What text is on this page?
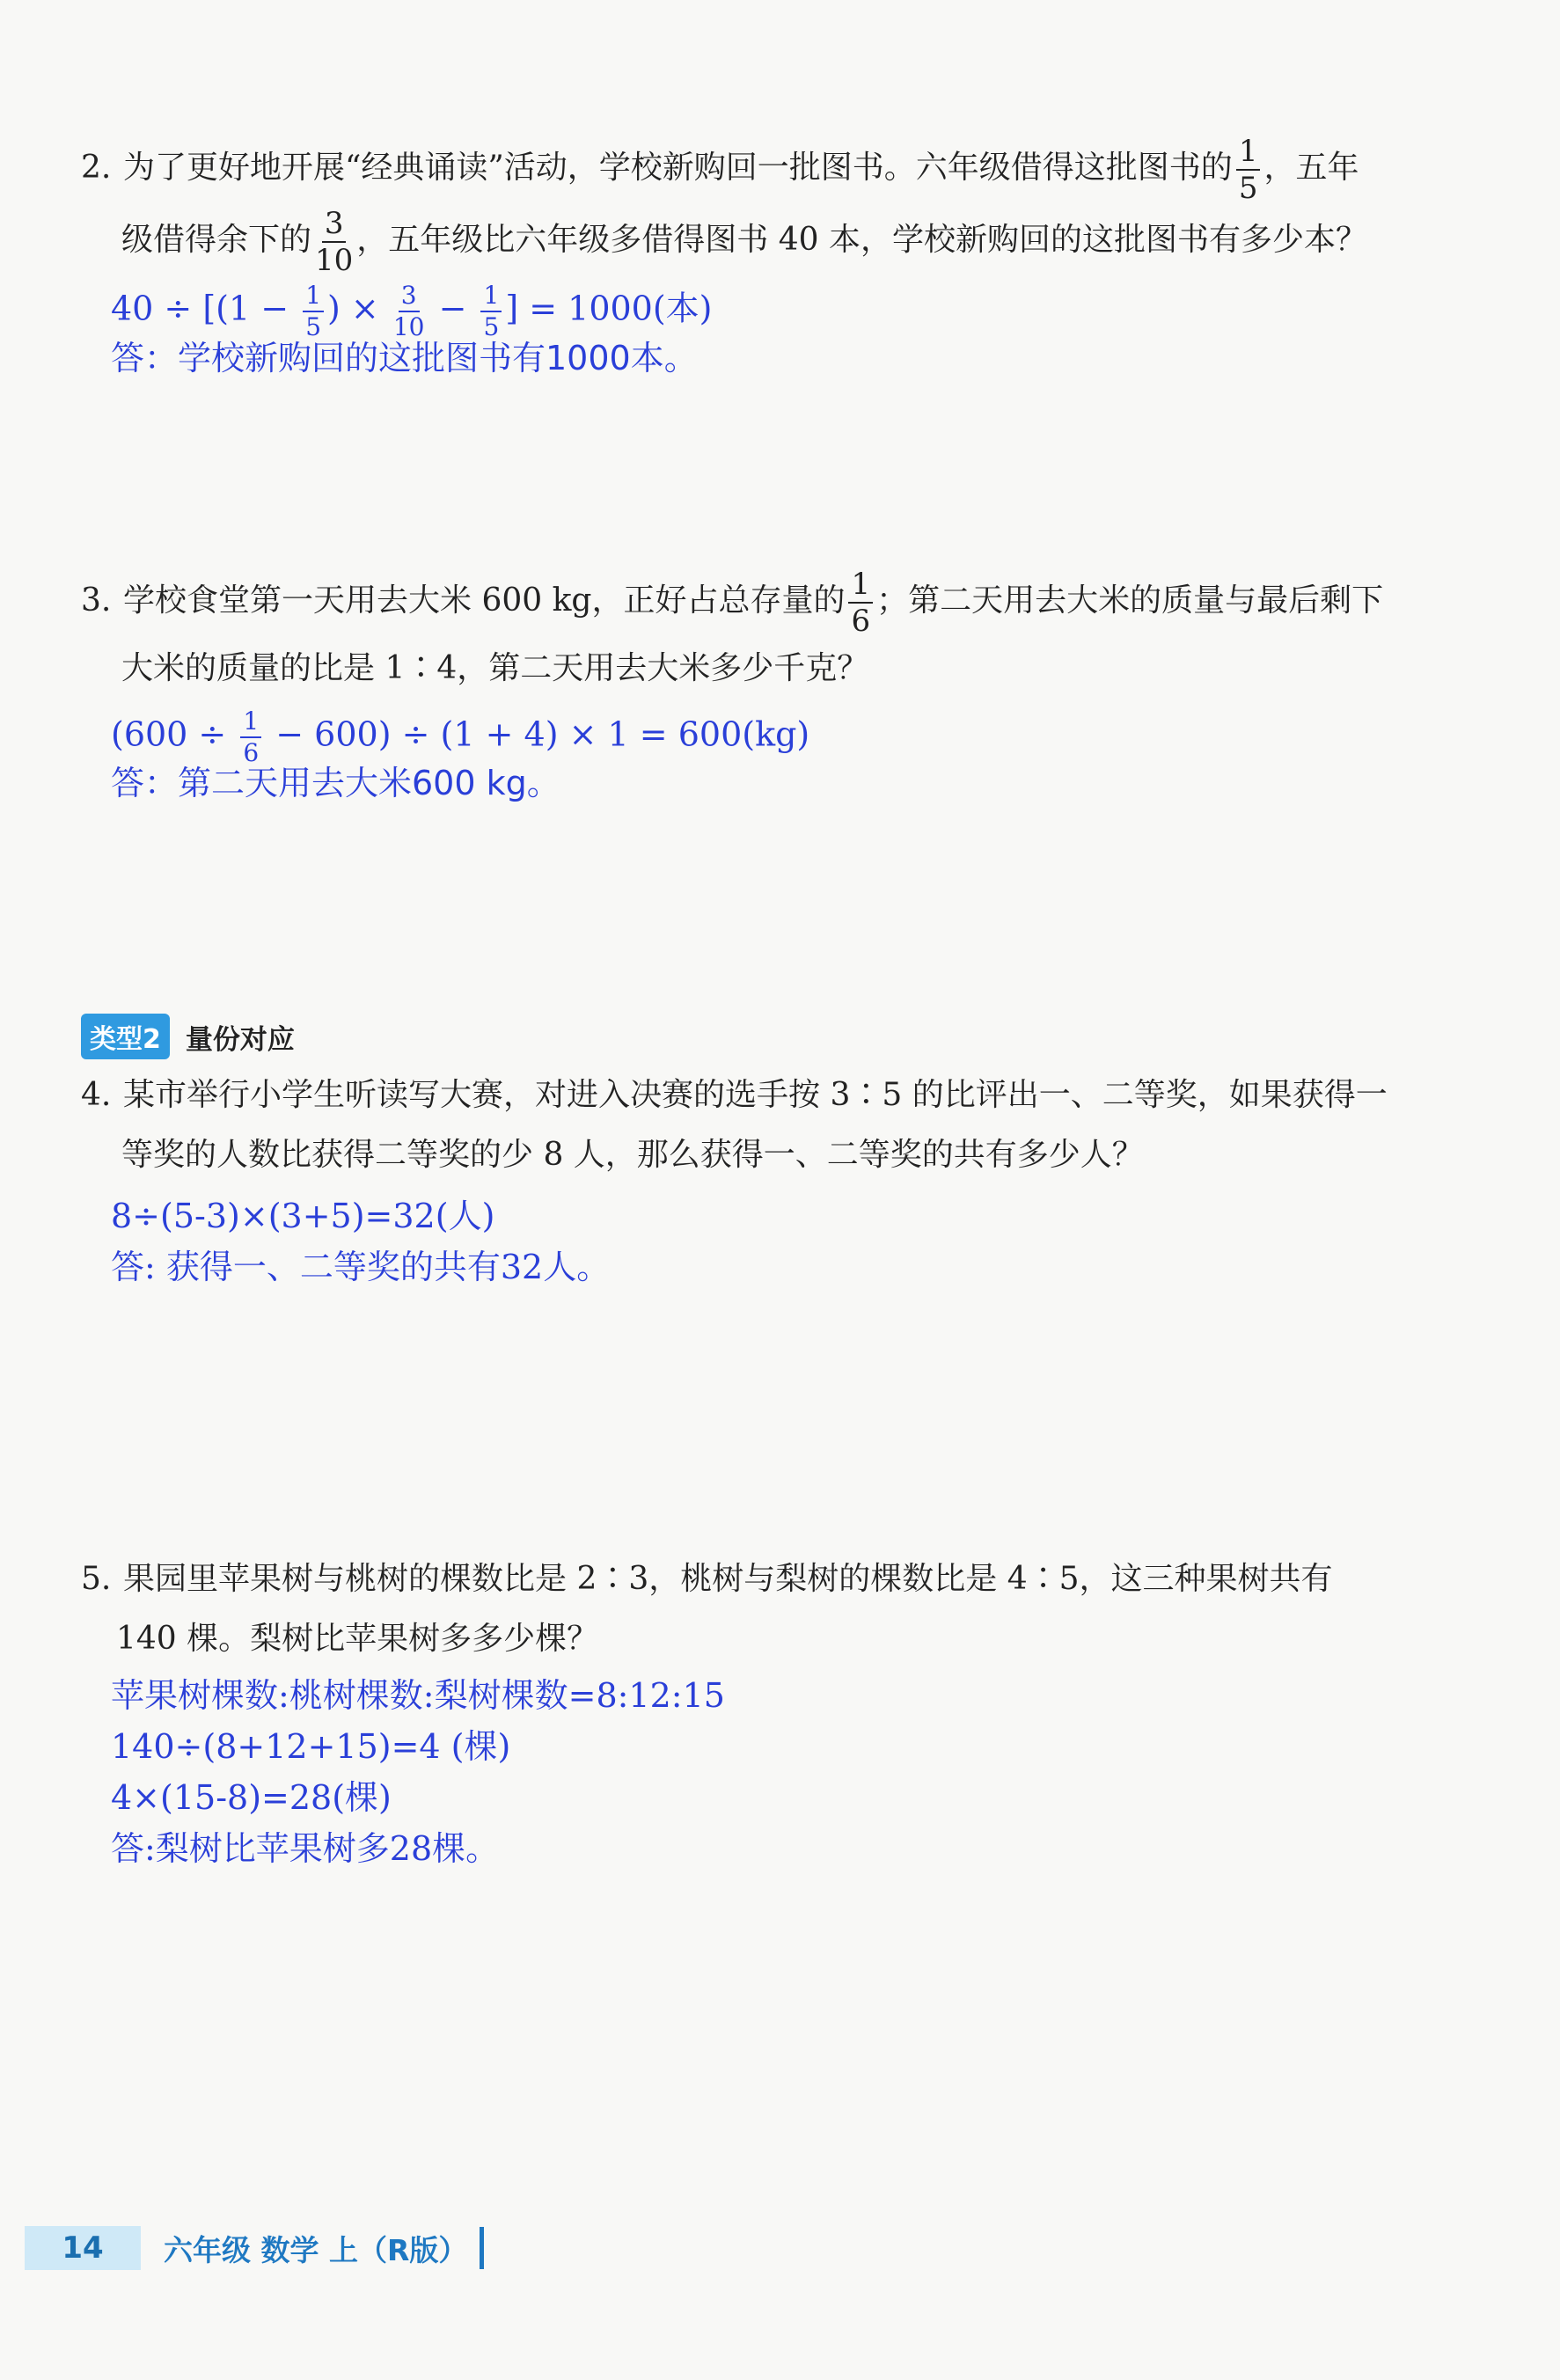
2. 为了更好地开展“经典诵读”活动，学校新购回一批图书。六年级借得这批图书的 $\frac{1}{5}$ ，五年
级借得余下的 $\frac{3}{10}$ ，五年级比六年级多借得图书 40 本，学校新购回的这批图书有多少本？
$40 \div [(1 - \frac{1}{5}$ ) × $\frac{3}{10} - \frac{1}{5}$ ] = 1000(本)
答：学校新购回的这批图书有1000本。
3. 学校食堂第一天用去大米 600 kg，正好占总存量的 $\frac{1}{6}$ ；第二天用去大米的质量与最后剩下
大米的质量的比是 1∶4，第二天用去大米多少千克？
$(600 \div \frac{1}{6} - 600) \div (1 + 4) \times 1 = 600(kg)$
答：第二天用去大米600 kg。
类型2 量份对应
4. 某市举行小学生听读写大赛，对进入决赛的选手按 3∶5 的比评出一、二等奖，如果获得一
等奖的人数比获得二等奖的少 8 人，那么获得一、二等奖的共有多少人？
8÷(5-3)×(3+5)=32(人)
答: 获得一、二等奖的共有32人。
5. 果园里苹果树与桃树的棵数比是 2∶3，桃树与梨树的棵数比是 4∶5，这三种果树共有
140 棵。梨树比苹果树多多少棵？
苹果树棵数:桃树棵数:梨树棵数=8:12:15
140÷(8+12+15)=4 (棵)
4×(15-8)=28(棵)
答:梨树比苹果树多28棵。
14	六年级 数学 上（R版）
